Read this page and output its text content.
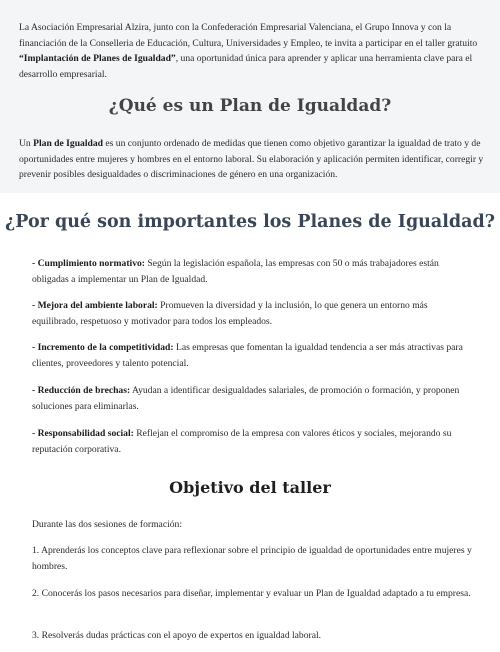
La Asociación Empresarial Alzira, junto con la Confederación Empresarial Valenciana, el Grupo Innova y con la financiación de la Conselleria de Educación, Cultura, Universidades y Empleo, te invita a participar en el taller gratuito “Implantación de Planes de Igualdad”, una oportunidad única para aprender y aplicar una herramienta clave para el desarrollo empresarial.

¿Qué es un Plan de Igualdad?

Un Plan de Igualdad es un conjunto ordenado de medidas que tienen como objetivo garantizar la igualdad de trato y de oportunidades entre mujeres y hombres en el entorno laboral. Su elaboración y aplicación permiten identificar, corregir y prevenir posibles desigualdades o discriminaciones de género en una organización.

¿Por qué son importantes los Planes de Igualdad?

- Cumplimiento normativo: Según la legislación española, las empresas con 50 o más trabajadores están obligadas a implementar un Plan de Igualdad.

- Mejora del ambiente laboral: Promueven la diversidad y la inclusión, lo que genera un entorno más equilibrado, respetuoso y motivador para todos los empleados.

- Incremento de la competitividad: Las empresas que fomentan la igualdad tendencia a ser más atractivas para clientes, proveedores y talento potencial.

- Reducción de brechas: Ayudan a identificar desigualdades salariales, de promoción o formación, y proponen soluciones para eliminarlas.

- Responsabilidad social: Reflejan el compromiso de la empresa con valores éticos y sociales, mejorando su reputación corporativa.

Objetivo del taller

Durante las dos sesiones de formación:

1. Aprenderás los conceptos clave para reflexionar sobre el principio de igualdad de oportunidades entre mujeres y hombres.

2. Conocerás los pasos necesarios para diseñar, implementar y evaluar un Plan de Igualdad adaptado a tu empresa.

3. Resolverás dudas prácticas con el apoyo de expertos en igualdad laboral.
